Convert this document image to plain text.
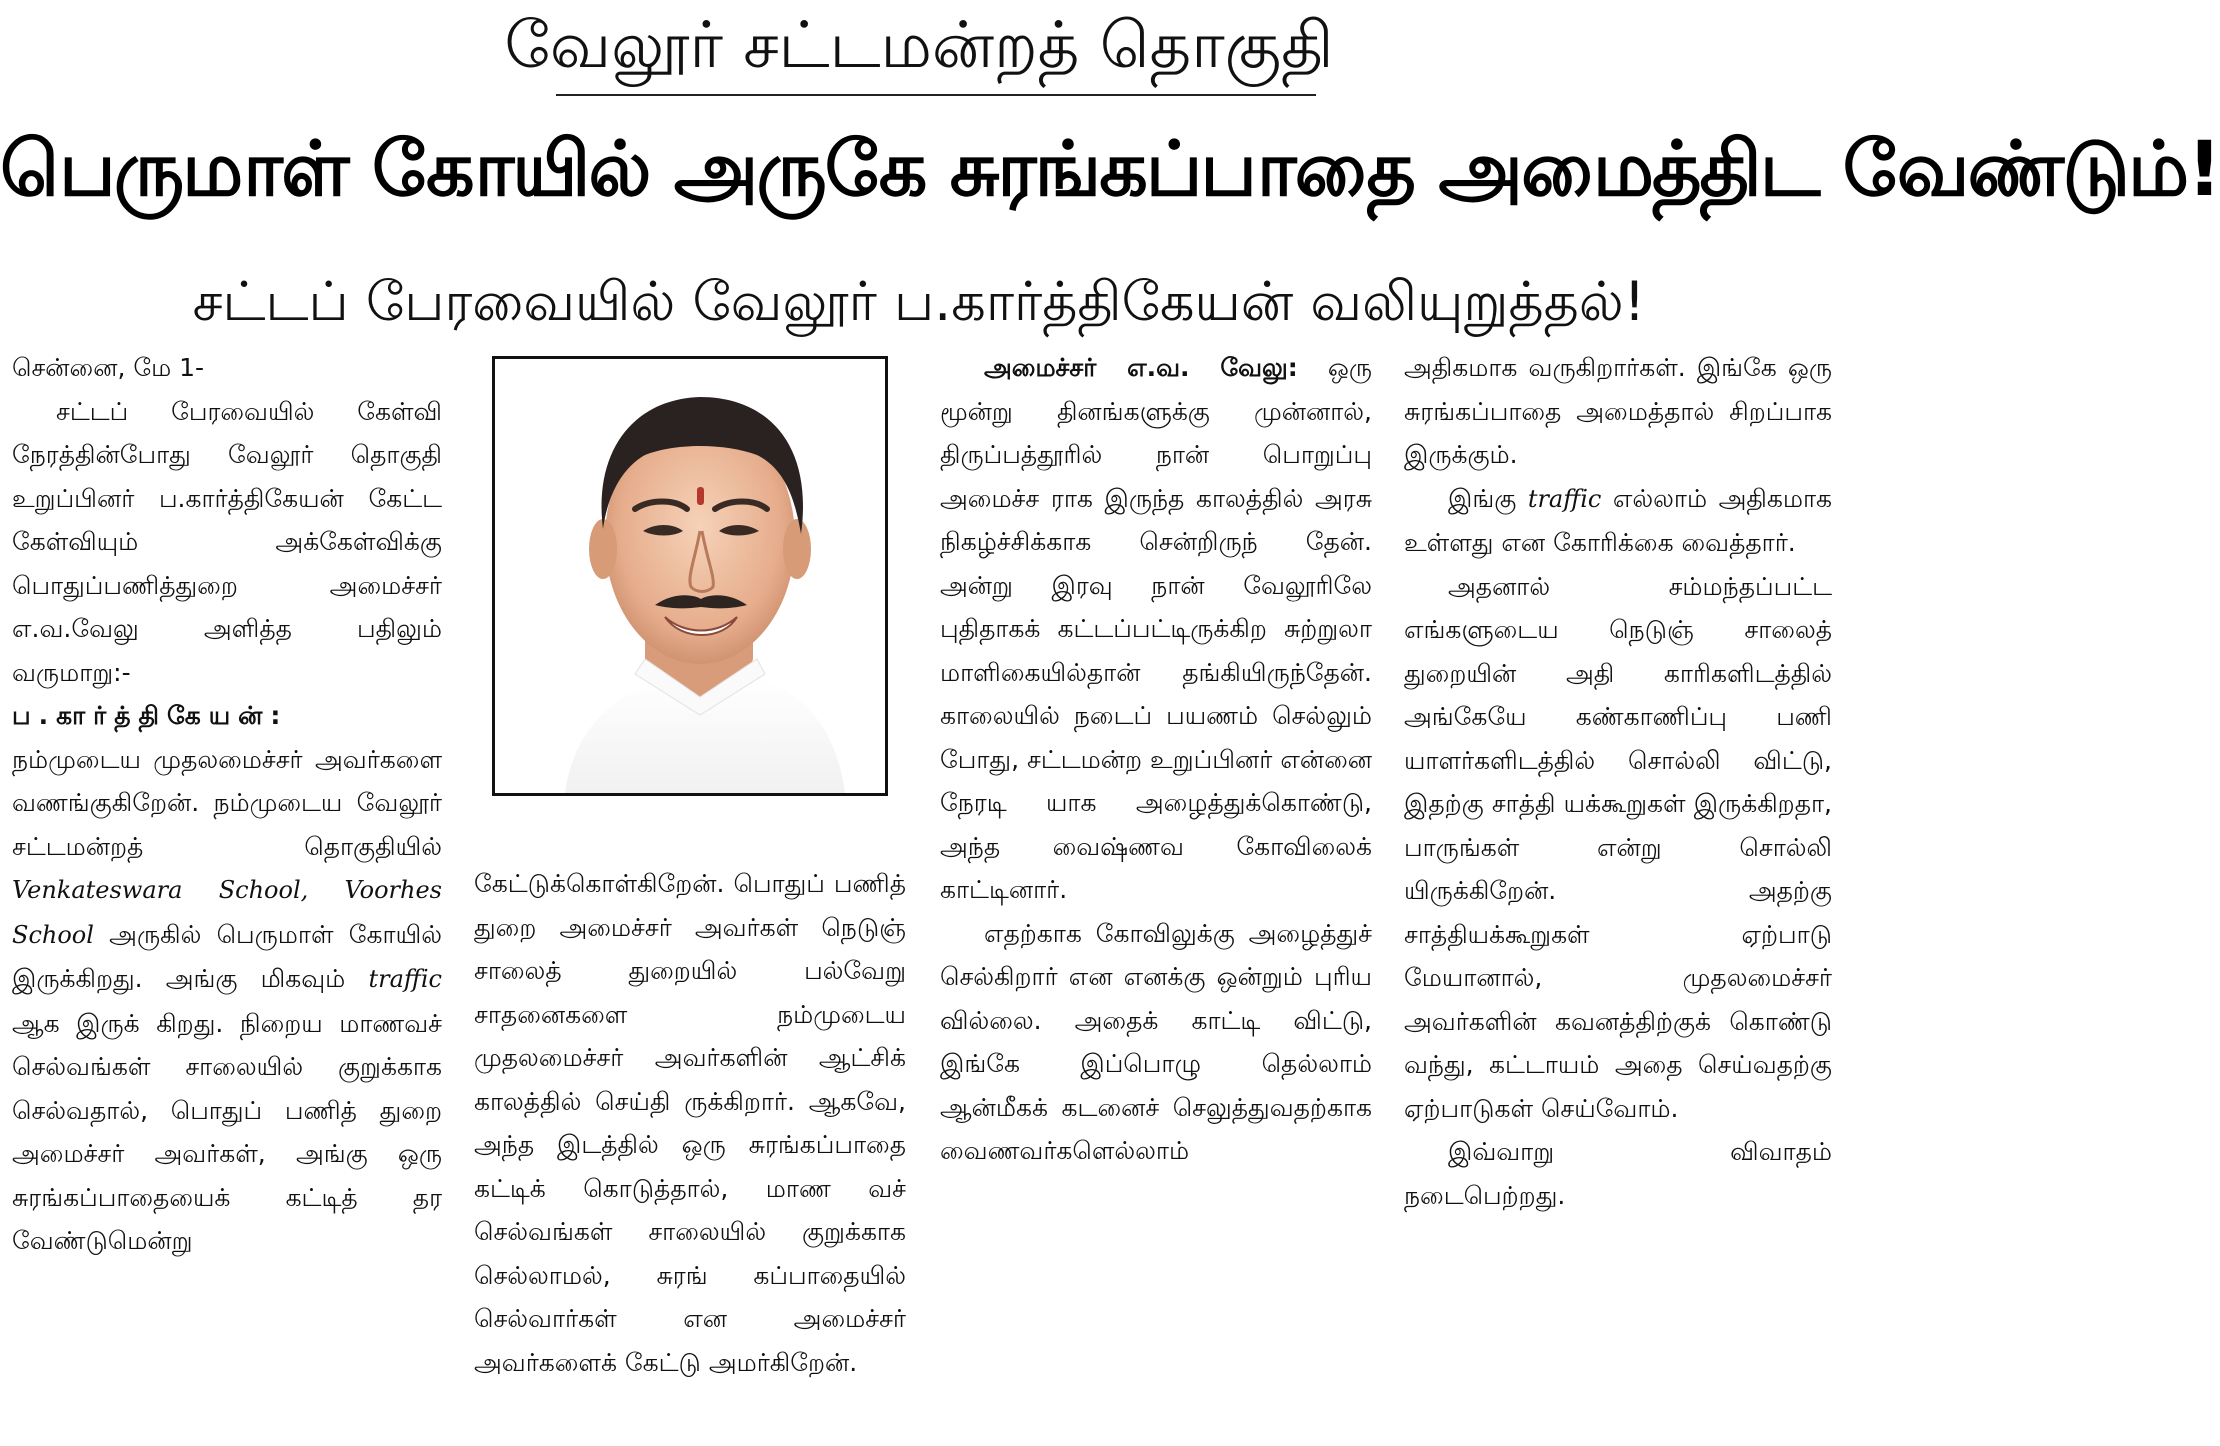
வேலூர் சட்டமன்றத் தொகுதி
பெருமாள் கோயில் அருகே சுரங்கப்பாதை அமைத்திட வேண்டும்!
சட்டப் பேரவையில் வேலூர் ப.கார்த்திகேயன் வலியுறுத்தல்!

சென்னை, மே 1-

சட்டப் பேரவையில் கேள்வி நேரத்தின்போது வேலூர் தொகுதி உறுப்பினர் ப.கார்த்திகேயன் கேட்ட கேள்வியும் அக்கேள்விக்கு பொதுப்பணித்துறை அமைச்சர் எ.வ.வேலு அளித்த பதிலும் வருமாறு:-

ப.கார்த்திகேயன்:

நம்முடைய முதலமைச்சர் அவர்களை வணங்குகிறேன். நம்முடைய வேலூர் சட்டமன்றத் தொகுதியில் Venkateswara School, Voorhes School அருகில் பெருமாள் கோயில் இருக்கிறது. அங்கு மிகவும் traffic ஆக இருக் கிறது. நிறைய மாணவச் செல்வங்கள் சாலையில் குறுக்காக செல்வதால், பொதுப் பணித் துறை அமைச்சர் அவர்கள், அங்கு ஒரு சுரங்கப்பாதையைக் கட்டித் தர வேண்டுமென்று

கேட்டுக்கொள்கிறேன். பொதுப் பணித் துறை அமைச்சர் அவர்கள் நெடுஞ் சாலைத் துறையில் பல்வேறு சாதனைகளை நம்முடைய முதலமைச்சர் அவர்களின் ஆட்சிக் காலத்தில் செய்தி ருக்கிறார். ஆகவே, அந்த இடத்தில் ஒரு சுரங்கப்பாதை கட்டிக் கொடுத்தால், மாண வச் செல்வங்கள் சாலையில் குறுக்காக செல்லாமல், சுரங் கப்பாதையில் செல்வார்கள் என அமைச்சர் அவர்களைக் கேட்டு அமர்கிறேன்.

அமைச்சர் எ.வ. வேலு: ஒரு மூன்று தினங்களுக்கு முன்னால், திருப்பத்தூரில் நான் பொறுப்பு அமைச்ச ராக இருந்த காலத்தில் அரசு நிகழ்ச்சிக்காக சென்றிருந் தேன். அன்று இரவு நான் வேலூரிலே புதிதாகக் கட்டப்பட்டிருக்கிற சுற்றுலா மாளிகையில்தான் தங்கியிருந்தேன். காலையில் நடைப் பயணம் செல்லும் போது, சட்டமன்ற உறுப்பினர் என்னை நேரடி யாக அழைத்துக்கொண்டு, அந்த வைஷ்ணவ கோவிலைக் காட்டினார்.

எதற்காக கோவிலுக்கு அழைத்துச் செல்கிறார் என எனக்கு ஒன்றும் புரிய வில்லை. அதைக் காட்டி விட்டு, இங்கே இப்பொழு தெல்லாம் ஆன்மீகக் கடனைச் செலுத்துவதற்காக வைணவர்களெல்லாம்

அதிகமாக வருகிறார்கள். இங்கே ஒரு சுரங்கப்பாதை அமைத்தால் சிறப்பாக இருக்கும்.

இங்கு traffic எல்லாம் அதிகமாக உள்ளது என கோரிக்கை வைத்தார்.

அதனால் சம்மந்தப்பட்ட எங்களுடைய நெடுஞ் சாலைத் துறையின் அதி காரிகளிடத்தில் அங்கேயே கண்காணிப்பு பணி யாளர்களிடத்தில் சொல்லி விட்டு, இதற்கு சாத்தி யக்கூறுகள் இருக்கிறதா, பாருங்கள் என்று சொல்லி யிருக்கிறேன். அதற்கு சாத்தியக்கூறுகள் ஏற்பாடு மேயானால், முதலமைச்சர் அவர்களின் கவனத்திற்குக் கொண்டு வந்து, கட்டாயம் அதை செய்வதற்கு ஏற்பாடுகள் செய்வோம்.

இவ்வாறு விவாதம் நடைபெற்றது.
